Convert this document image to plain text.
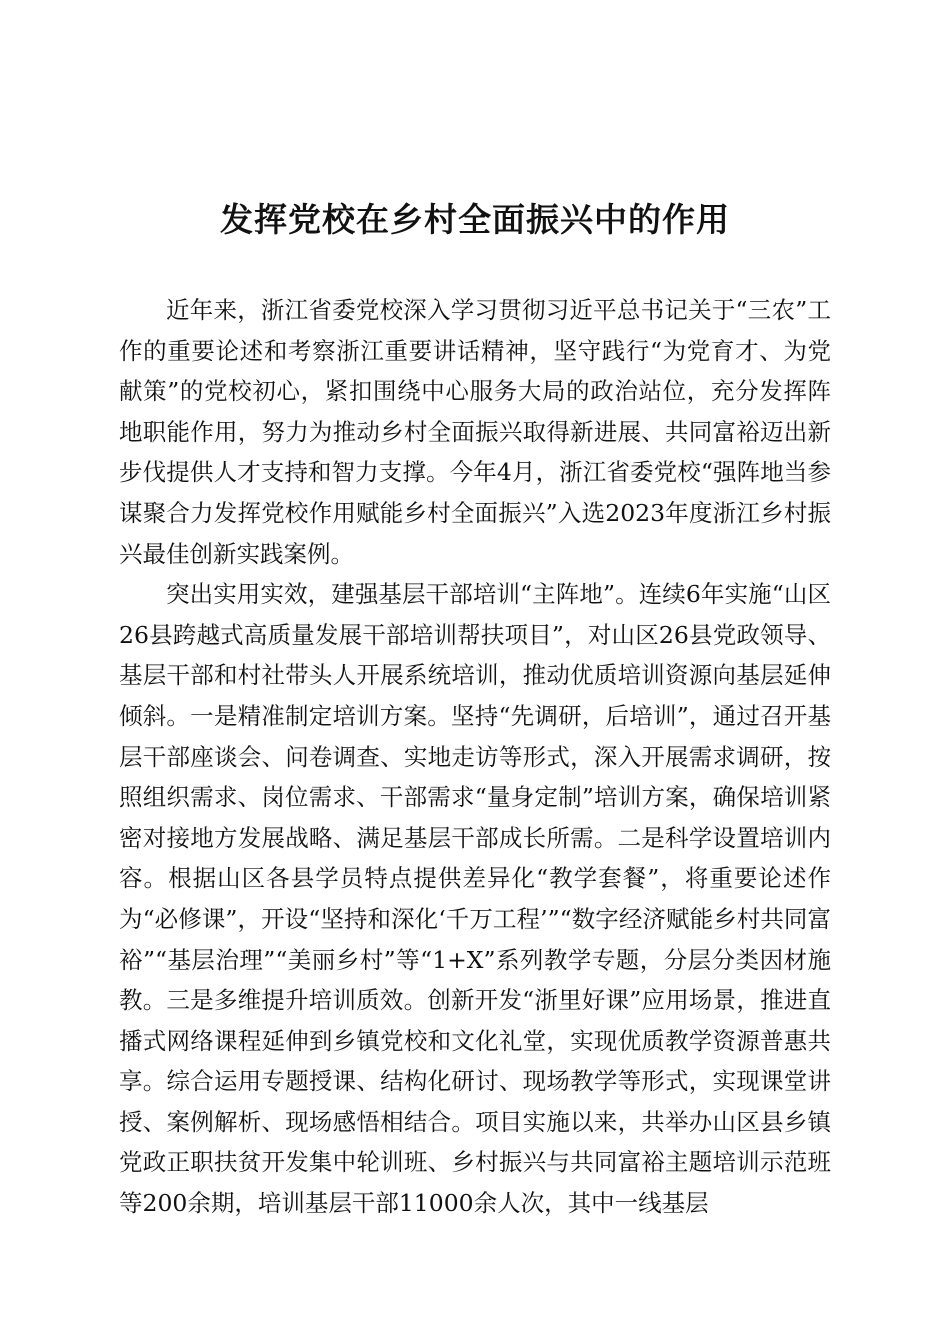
发挥党校在乡村全面振兴中的作用

近年来，浙江省委党校深入学习贯彻习近平总书记关于“三农”工作的重要论述和考察浙江重要讲话精神，坚守践行“为党育才、为党献策”的党校初心，紧扣围绕中心服务大局的政治站位，充分发挥阵地职能作用，努力为推动乡村全面振兴取得新进展、共同富裕迈出新步伐提供人才支持和智力支撑。今年4月，浙江省委党校“强阵地当参谋聚合力发挥党校作用赋能乡村全面振兴”入选2023年度浙江乡村振兴最佳创新实践案例。

突出实用实效，建强基层干部培训“主阵地”。连续6年实施“山区26县跨越式高质量发展干部培训帮扶项目”，对山区26县党政领导、基层干部和村社带头人开展系统培训，推动优质培训资源向基层延伸倾斜。一是精准制定培训方案。坚持“先调研，后培训”，通过召开基层干部座谈会、问卷调查、实地走访等形式，深入开展需求调研，按照组织需求、岗位需求、干部需求“量身定制”培训方案，确保培训紧密对接地方发展战略、满足基层干部成长所需。二是科学设置培训内容。根据山区各县学员特点提供差异化“教学套餐”，将重要论述作为“必修课”，开设“坚持和深化‘千万工程’”“数字经济赋能乡村共同富裕”“基层治理”“美丽乡村”等“1+X”系列教学专题，分层分类因材施教。三是多维提升培训质效。创新开发“浙里好课”应用场景，推进直播式网络课程延伸到乡镇党校和文化礼堂，实现优质教学资源普惠共享。综合运用专题授课、结构化研讨、现场教学等形式，实现课堂讲授、案例解析、现场感悟相结合。项目实施以来，共举办山区县乡镇党政正职扶贫开发集中轮训班、乡村振兴与共同富裕主题培训示范班等200余期，培训基层干部11000余人次，其中一线基层
